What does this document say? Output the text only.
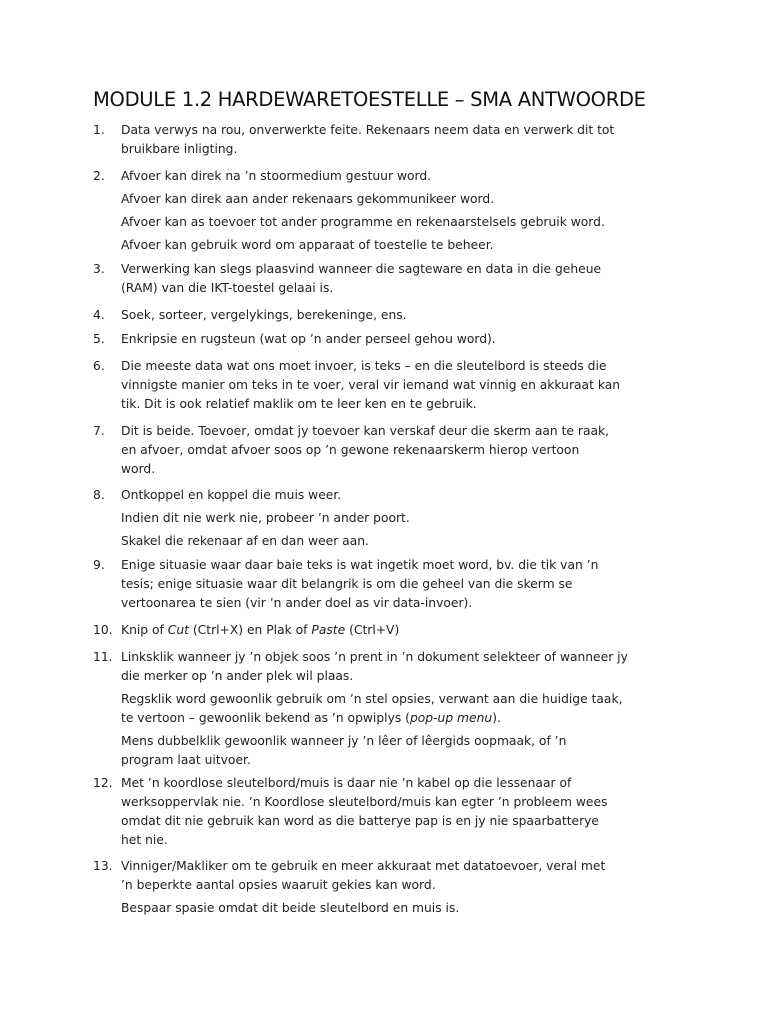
MODULE 1.2 HARDEWARETOESTELLE – SMA ANTWOORDE
1. Data verwys na rou, onverwerkte feite. Rekenaars neem data en verwerk dit tot
bruikbare inligting.
2. Afvoer kan direk na ’n stoormedium gestuur word.
Afvoer kan direk aan ander rekenaars gekommunikeer word.
Afvoer kan as toevoer tot ander programme en rekenaarstelsels gebruik word.
Afvoer kan gebruik word om apparaat of toestelle te beheer.
3. Verwerking kan slegs plaasvind wanneer die sagteware en data in die geheue
(RAM) van die IKT-toestel gelaai is.
4. Soek, sorteer, vergelykings, berekeninge, ens.
5. Enkripsie en rugsteun (wat op ’n ander perseel gehou word).
6. Die meeste data wat ons moet invoer, is teks – en die sleutelbord is steeds die
vinnigste manier om teks in te voer, veral vir iemand wat vinnig en akkuraat kan
tik. Dit is ook relatief maklik om te leer ken en te gebruik.
7. Dit is beide. Toevoer, omdat jy toevoer kan verskaf deur die skerm aan te raak,
en afvoer, omdat afvoer soos op ’n gewone rekenaarskerm hierop vertoon
word.
8. Ontkoppel en koppel die muis weer.
Indien dit nie werk nie, probeer ’n ander poort.
Skakel die rekenaar af en dan weer aan.
9. Enige situasie waar daar baie teks is wat ingetik moet word, bv. die tik van ’n
tesis; enige situasie waar dit belangrik is om die geheel van die skerm se
vertoonarea te sien (vir ’n ander doel as vir data-invoer).
10. Knip of Cut (Ctrl+X) en Plak of Paste (Ctrl+V)
11. Linksklik wanneer jy ’n objek soos ’n prent in ’n dokument selekteer of wanneer jy
die merker op ’n ander plek wil plaas.
Regsklik word gewoonlik gebruik om ’n stel opsies, verwant aan die huidige taak,
te vertoon – gewoonlik bekend as ’n opwiplys (pop-up menu).
Mens dubbelklik gewoonlik wanneer jy ’n lêer of lêergids oopmaak, of ’n
program laat uitvoer.
12. Met ’n koordlose sleutelbord/muis is daar nie ’n kabel op die lessenaar of
werksoppervlak nie. ’n Koordlose sleutelbord/muis kan egter ’n probleem wees
omdat dit nie gebruik kan word as die batterye pap is en jy nie spaarbatterye
het nie.
13. Vinniger/Makliker om te gebruik en meer akkuraat met datatoevoer, veral met
’n beperkte aantal opsies waaruit gekies kan word.
Bespaar spasie omdat dit beide sleutelbord en muis is.
